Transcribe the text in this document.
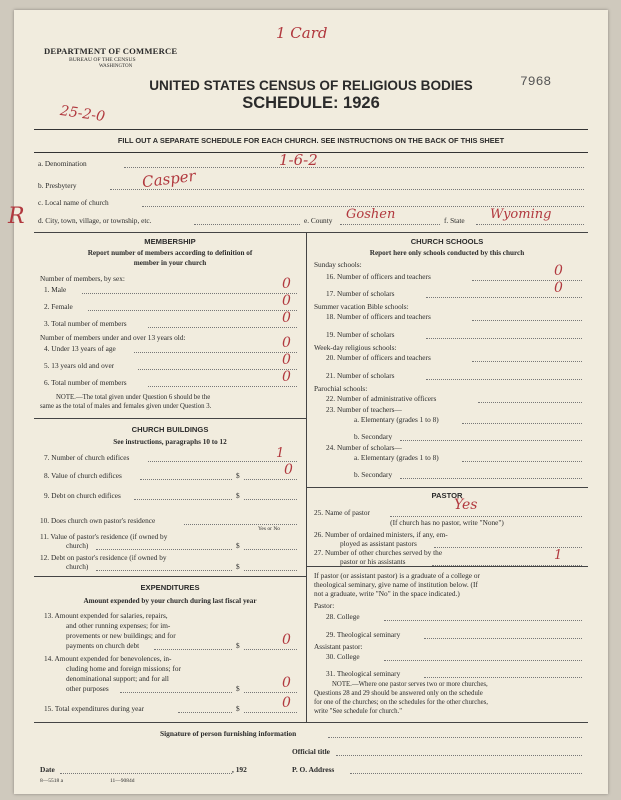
DEPARTMENT OF COMMERCE
BUREAU OF THE CENSUS
WASHINGTON
7968
1 Card
UNITED STATES CENSUS OF RELIGIOUS BODIES
SCHEDULE: 1926
25-2-0
FILL OUT A SEPARATE SCHEDULE FOR EACH CHURCH. SEE INSTRUCTIONS ON THE BACK OF THIS SHEET
a. Denomination	1-6-2
b. Presbytery	Casper
c. Local name of church
R d. City, town, village, or township, etc.	e. County Goshen	f. State Wyoming
MEMBERSHIP
Report number of members according to definition of
member in your church
Number of members, by sex:
1. Male	0
2. Female	0
3. Total number of members	0
Number of members under and over 13 years old:
4. Under 13 years of age	0
5. 13 years old and over	0
6. Total number of members	0
NOTE.—The total given under Question 6 should be the
same as the total of males and females given under Question 3.
CHURCH BUILDINGS
See instructions, paragraphs 10 to 12
7. Number of church edifices	1
8. Value of church edifices	$	0
9. Debt on church edifices	$
10. Does church own pastor's residence
Yes or No
11. Value of pastor's residence (if owned by
church)	$
12. Debt on pastor's residence (if owned by
church)	$
EXPENDITURES
Amount expended by your church during last fiscal year
13. Amount expended for salaries, repairs,
and other running expenses; for im-
provements or new buildings; and for
payments on church debt	$	0
14. Amount expended for benevolences, in-
cluding home and foreign missions; for
denominational support; and for all
other purposes	$	0
15. Total expenditures during year	$	0
CHURCH SCHOOLS
Report here only schools conducted by this church
Sunday schools:
16. Number of officers and teachers	0
17. Number of scholars	0
Summer vacation Bible schools:
18. Number of officers and teachers
19. Number of scholars
Week-day religious schools:
20. Number of officers and teachers
21. Number of scholars
Parochial schools:
22. Number of administrative officers
23. Number of teachers—
a. Elementary (grades 1 to 8)
b. Secondary
24. Number of scholars—
a. Elementary (grades 1 to 8)
b. Secondary
PASTOR
25. Name of pastor	Yes
(If church has no pastor, write "None")
26. Number of ordained ministers, if any, em-
ployed as assistant pastors
27. Number of other churches served by the
pastor or his assistants	1
If pastor (or assistant pastor) is a graduate of a college or
theological seminary, give name of institution below. (If
not a graduate, write "No" in the space indicated.)
Pastor:
28. College
29. Theological seminary
Assistant pastor:
30. College
31. Theological seminary
NOTE.—Where one pastor serves two or more churches,
Questions 28 and 29 should be answered only on the schedule
for one of the churches; on the schedules for the other churches,
write "See schedule for church."
Signature of person furnishing information
Official title
Date	, 192	P. O. Address
8—5518 a	11—9084d
